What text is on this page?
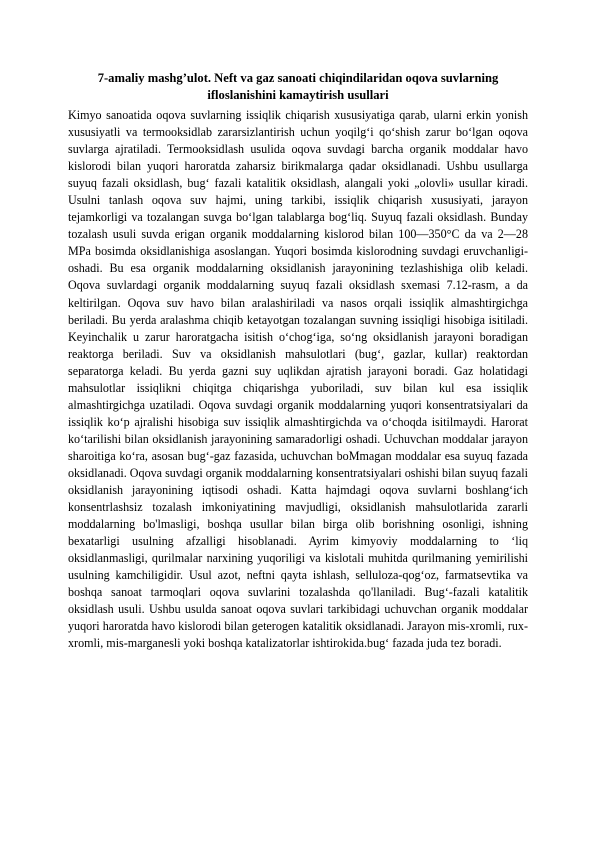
7-amaliy mashg’ulot. Neft va gaz sanoati chiqindilaridan oqova suvlarning ifloslanishini kamaytirish usullari

Kimyo sanoatida oqova suvlarning issiqlik chiqarish xususiyatiga qarab, ularni erkin yonish xususiyatli va termooksidlab zararsizlantirish uchun yoqilg‘i qo‘shish zarur bo‘lgan oqova suvlarga ajratiladi. Termooksidlash usulida oqova suvdagi barcha organik moddalar havo kislorodi bilan yuqori haroratda zaharsiz birikmalarga qadar oksidlanadi. Ushbu usullarga suyuq fazali oksidlash, bug‘ fazali katalitik oksidlash, alangali yoki „olovli» usullar kiradi. Usulni tanlash oqova suv hajmi, uning tarkibi, issiqlik chiqarish xususiyati, jarayon tejamkorligi va tozalangan suvga bo‘lgan talablarga bog‘liq. Suyuq fazali oksidlash. Bunday tozalash usuli suvda erigan organik moddalarning kislorod bilan 100—350°С da va 2—28 MPa bosimda oksidlanishiga asoslangan. Yuqori bosimda kislorodning suvdagi eruvchanligi-oshadi. Bu esa organik moddalarning oksidlanish jarayonining tezlashishiga olib keladi. Oqova suvlardagi organik moddalarning suyuq fazali oksidlash sxemasi 7.12-rasm, a da keltirilgan. Oqova suv havo bilan aralashiriladi va nasos orqali issiqlik almashtirgichga beriladi. Bu yerda aralashma chiqib ketayotgan tozalangan suvning issiqligi hisobiga isitiladi. Keyinchalik u zarur haroratgacha isitish o‘chog‘iga, so‘ng oksidlanish jarayoni boradigan reaktorga beriladi. Suv va oksidlanish mahsulotlari (bug‘, gazlar, kullar) reaktordan separatorga keladi. Bu yerda gazni suy uqlikdan ajratish jarayoni boradi. Gaz holatidagi mahsulotlar issiqlikni chiqitga chiqarishga yuboriladi, suv bilan kul esa issiqlik almashtirgichga uzatiladi. Oqova suvdagi organik moddalarning yuqori konsentratsiyalari da issiqlik ko‘p ajralishi hisobiga suv issiqlik almashtirgichda va o‘choqda isitilmaydi. Harorat ko‘tarilishi bilan oksidlanish jarayonining samaradorligi oshadi. Uchuvchan moddalar jarayon sharoitiga ko‘ra, asosan bug‘-gaz fazasida, uchuvchan boMmagan moddalar esa suyuq fazada oksidlanadi. Oqova suvdagi organik moddalarning konsentratsiyalari oshishi bilan suyuq fazali oksidlanish jarayonining iqtisodi oshadi. Katta hajmdagi oqova suvlarni boshlang‘ich konsentrlashsiz tozalash imkoniyatining mavjudligi, oksidlanish mahsulotlarida zararli moddalarning bo'lmasligi, boshqa usullar bilan birga olib borishning osonligi, ishning bexatarligi usulning afzalligi hisoblanadi. Ayrim kimyoviy moddalarning to ‘liq oksidlanmasligi, qurilmalar narxining yuqoriligi va kislotali muhitda qurilmaning yemirilishi usulning kamchiligidir. Usul azot, neftni qayta ishlash, selluloza-qog‘oz, farmatsevtika va boshqa sanoat tarmoqlari oqova suvlarini tozalashda qo'llaniladi. Bug‘-fazali katalitik oksidlash usuli. Ushbu usulda sanoat oqova suvlari tarkibidagi uchuvchan organik moddalar yuqori haroratda havo kislorodi bilan geterogen katalitik oksidlanadi. Jarayon mis-xromli, rux-xromli, mis-marganesli yoki boshqa katalizatorlar ishtirokida.bug‘ fazada juda tez boradi.
